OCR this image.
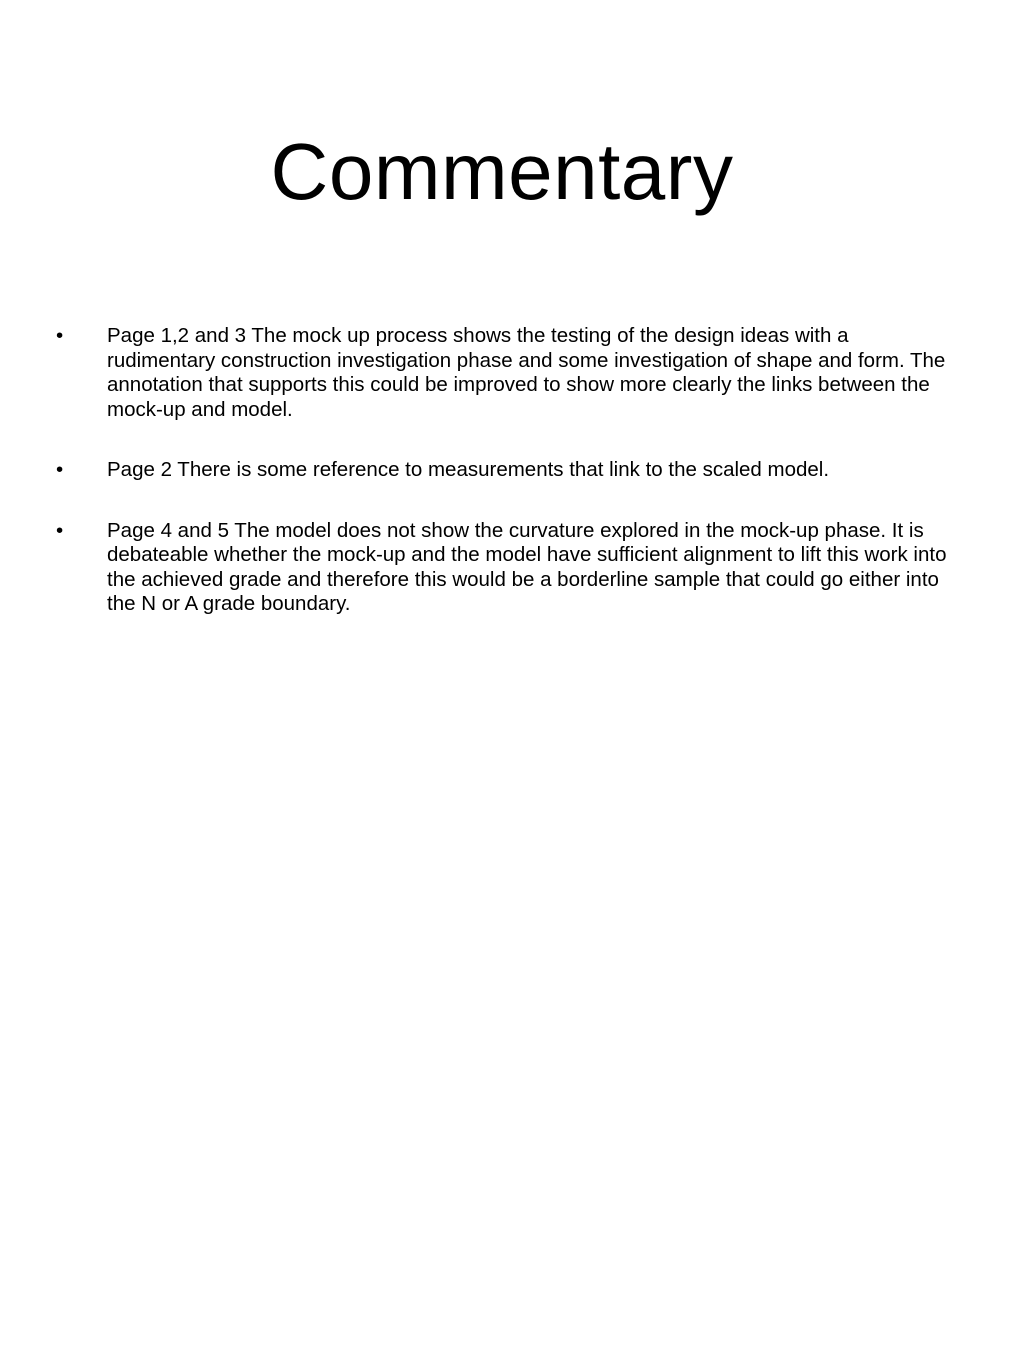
Commentary
•	Page 1,2 and 3 The mock up process shows the testing of the design ideas with a rudimentary construction investigation phase and some investigation of shape and form. The annotation that supports this could be improved to show more clearly the links between the mock-up and model.
•	Page 2 There is some reference to measurements that link to the scaled model.
•	Page 4 and 5 The model does not show the curvature explored in the mock-up phase. It is debateable whether the mock-up and the model have sufficient alignment to lift this work into the achieved grade and therefore this would be a borderline sample that could go either into the N or A grade boundary.
